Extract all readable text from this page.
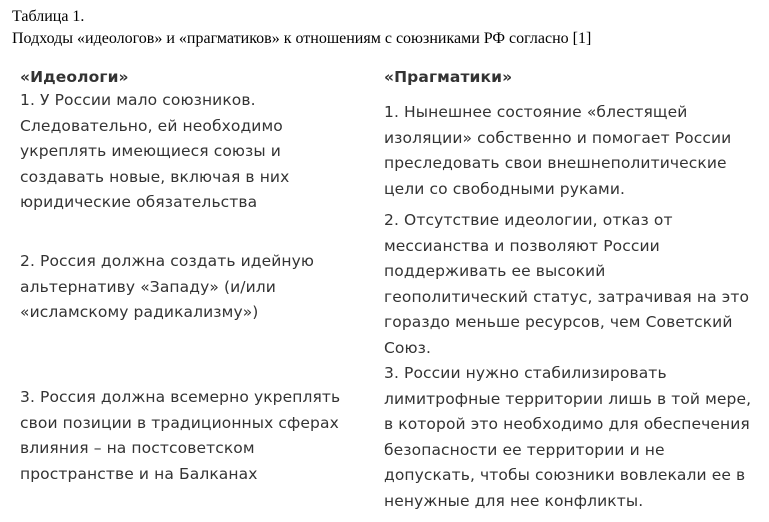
Таблица 1.
Подходы «идеологов» и «прагматиков» к отношениям с союзниками РФ согласно [1]
«Идеологи»
1. У России мало союзников.
Следовательно, ей необходимо
укреплять имеющиеся союзы и
создавать новые, включая в них
юридические обязательства
2. Россия должна создать идейную
альтернативу «Западу» (и/или
«исламскому радикализму»)
3. Россия должна всемерно укреплять
свои позиции в традиционных сферах
влияния – на постсоветском
пространстве и на Балканах
«Прагматики»
1. Нынешнее состояние «блестящей
изоляции» собственно и помогает России
преследовать свои внешнеполитические
цели со свободными руками.
2. Отсутствие идеологии, отказ от
мессианства и позволяют России
поддерживать ее высокий
геополитический статус, затрачивая на это
гораздо меньше ресурсов, чем Советский
Союз.
3. России нужно стабилизировать
лимитрофные территории лишь в той мере,
в которой это необходимо для обеспечения
безопасности ее территории и не
допускать, чтобы союзники вовлекали ее в
ненужные для нее конфликты.
